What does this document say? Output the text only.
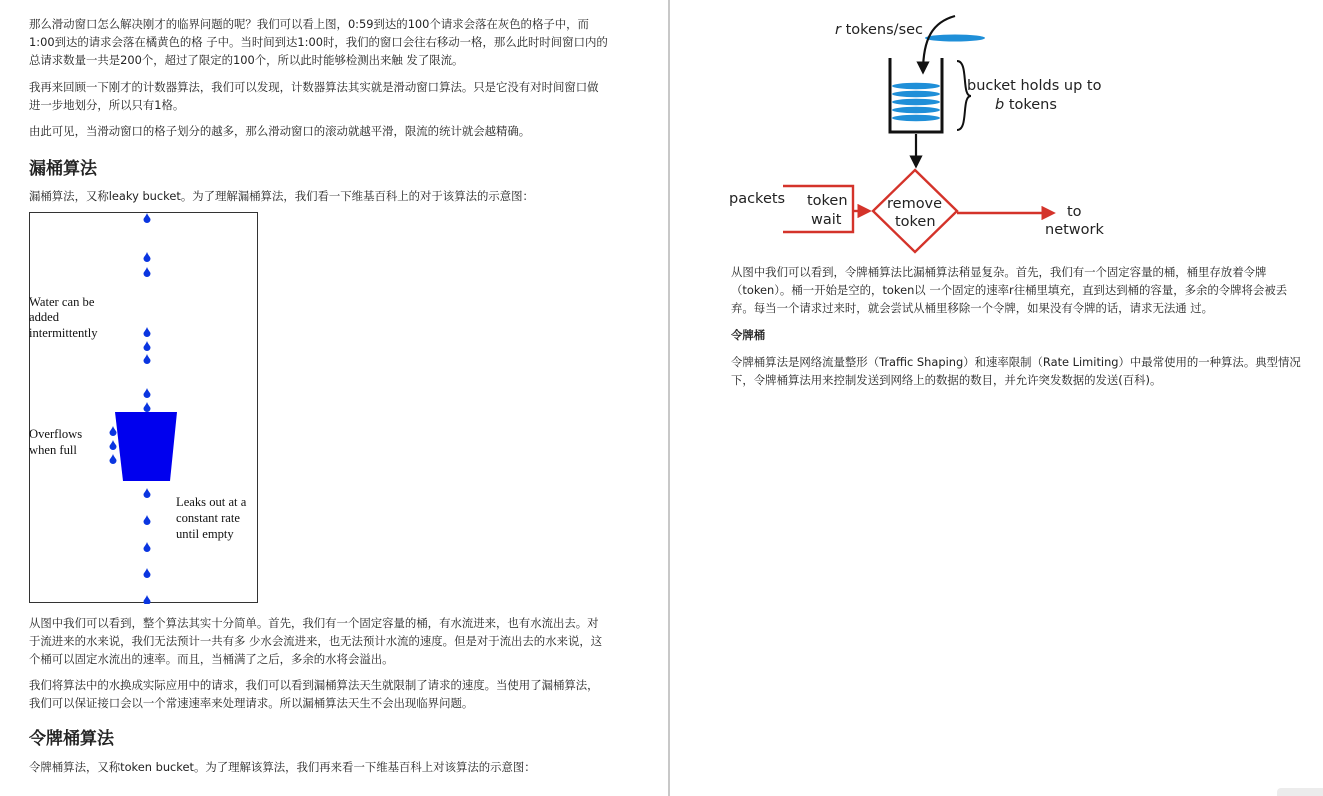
那么滑动窗口怎么解决刚才的临界问题的呢？我们可以看上图，0:59到达的100个请求会落在灰色的格子中，而1:00到达的请求会落在橘黄色的格 子中。当时间到达1:00时，我们的窗口会往右移动一格，那么此时时间窗口内的总请求数量一共是200个，超过了限定的100个，所以此时能够检测出来触 发了限流。

我再来回顾一下刚才的计数器算法，我们可以发现，计数器算法其实就是滑动窗口算法。只是它没有对时间窗口做进一步地划分，所以只有1格。

由此可见，当滑动窗口的格子划分的越多，那么滑动窗口的滚动就越平滑，限流的统计就会越精确。

漏桶算法

漏桶算法，又称leaky bucket。为了理解漏桶算法，我们看一下维基百科上的对于该算法的示意图：

Water can be
added
intermittently
Overflows
when full
Leaks out at a
constant rate
until empty

从图中我们可以看到，整个算法其实十分简单。首先，我们有一个固定容量的桶，有水流进来，也有水流出去。对于流进来的水来说，我们无法预计一共有多 少水会流进来，也无法预计水流的速度。但是对于流出去的水来说，这个桶可以固定水流出的速率。而且，当桶满了之后，多余的水将会溢出。

我们将算法中的水换成实际应用中的请求，我们可以看到漏桶算法天生就限制了请求的速度。当使用了漏桶算法，我们可以保证接口会以一个常速速率来处理请求。所以漏桶算法天生不会出现临界问题。

令牌桶算法

令牌桶算法，又称token bucket。为了理解该算法，我们再来看一下维基百科上对该算法的示意图：

r tokens/sec
bucket holds up to
b tokens
packets token
wait
remove
token
to
network

从图中我们可以看到，令牌桶算法比漏桶算法稍显复杂。首先，我们有一个固定容量的桶，桶里存放着令牌（token）。桶一开始是空的，token以 一个固定的速率r往桶里填充，直到达到桶的容量，多余的令牌将会被丢弃。每当一个请求过来时，就会尝试从桶里移除一个令牌，如果没有令牌的话，请求无法通 过。

令牌桶

令牌桶算法是网络流量整形（Traffic Shaping）和速率限制（Rate Limiting）中最常使用的一种算法。典型情况下，令牌桶算法用来控制发送到网络上的数据的数目，并允许突发数据的发送(百科)。
